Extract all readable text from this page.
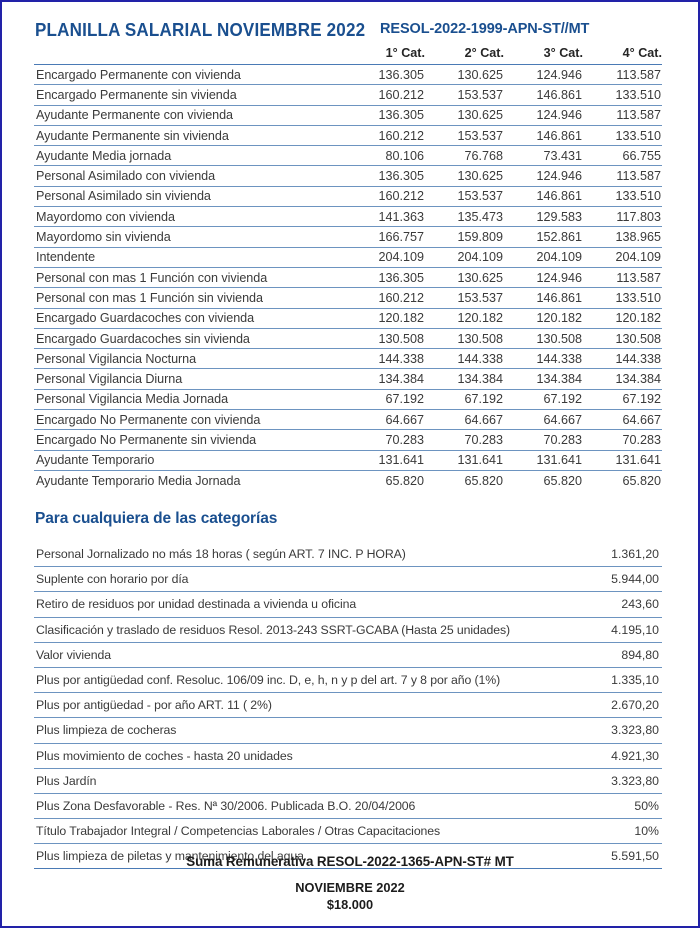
PLANILLA SALARIAL NOVIEMBRE 2022 RESOL-2022-1999-APN-ST//MT
	1° Cat.	2° Cat.	3° Cat.	4° Cat.
Encargado Permanente con vivienda	136.305	130.625	124.946	113.587
Encargado Permanente sin vivienda	160.212	153.537	146.861	133.510
Ayudante Permanente con vivienda	136.305	130.625	124.946	113.587
Ayudante Permanente sin vivienda	160.212	153.537	146.861	133.510
Ayudante Media jornada	80.106	76.768	73.431	66.755
Personal Asimilado con vivienda	136.305	130.625	124.946	113.587
Personal Asimilado sin vivienda	160.212	153.537	146.861	133.510
Mayordomo con vivienda	141.363	135.473	129.583	117.803
Mayordomo sin vivienda	166.757	159.809	152.861	138.965
Intendente	204.109	204.109	204.109	204.109
Personal con mas 1 Función con vivienda	136.305	130.625	124.946	113.587
Personal con mas 1 Función sin vivienda	160.212	153.537	146.861	133.510
Encargado Guardacoches con vivienda	120.182	120.182	120.182	120.182
Encargado Guardacoches sin vivienda	130.508	130.508	130.508	130.508
Personal Vigilancia Nocturna	144.338	144.338	144.338	144.338
Personal Vigilancia Diurna	134.384	134.384	134.384	134.384
Personal Vigilancia Media Jornada	67.192	67.192	67.192	67.192
Encargado No Permanente con vivienda	64.667	64.667	64.667	64.667
Encargado No Permanente sin vivienda	70.283	70.283	70.283	70.283
Ayudante Temporario	131.641	131.641	131.641	131.641
Ayudante Temporario Media Jornada	65.820	65.820	65.820	65.820
Para cualquiera de las categorías
Personal Jornalizado no más 18 horas ( según ART. 7 INC. P HORA)	1.361,20
Suplente con horario por día	5.944,00
Retiro de residuos por unidad destinada a vivienda u oficina	243,60
Clasificación y traslado de residuos Resol. 2013-243 SSRT-GCABA (Hasta 25 unidades)	4.195,10
Valor vivienda	894,80
Plus por antigüedad conf. Resoluc. 106/09 inc. D, e, h, n y p del art. 7 y 8 por año (1%)	1.335,10
Plus por antigüedad - por año ART. 11 ( 2%)	2.670,20
Plus limpieza de cocheras	3.323,80
Plus movimiento de coches - hasta 20 unidades	4.921,30
Plus Jardín	3.323,80
Plus Zona Desfavorable - Res. Nª 30/2006. Publicada B.O. 20/04/2006	50%
Título Trabajador Integral / Competencias Laborales / Otras Capacitaciones	10%
Plus limpieza de piletas y mantenimiento del agua	5.591,50
Suma Remunerativa RESOL-2022-1365-APN-ST# MT
NOVIEMBRE 2022
$18.000
